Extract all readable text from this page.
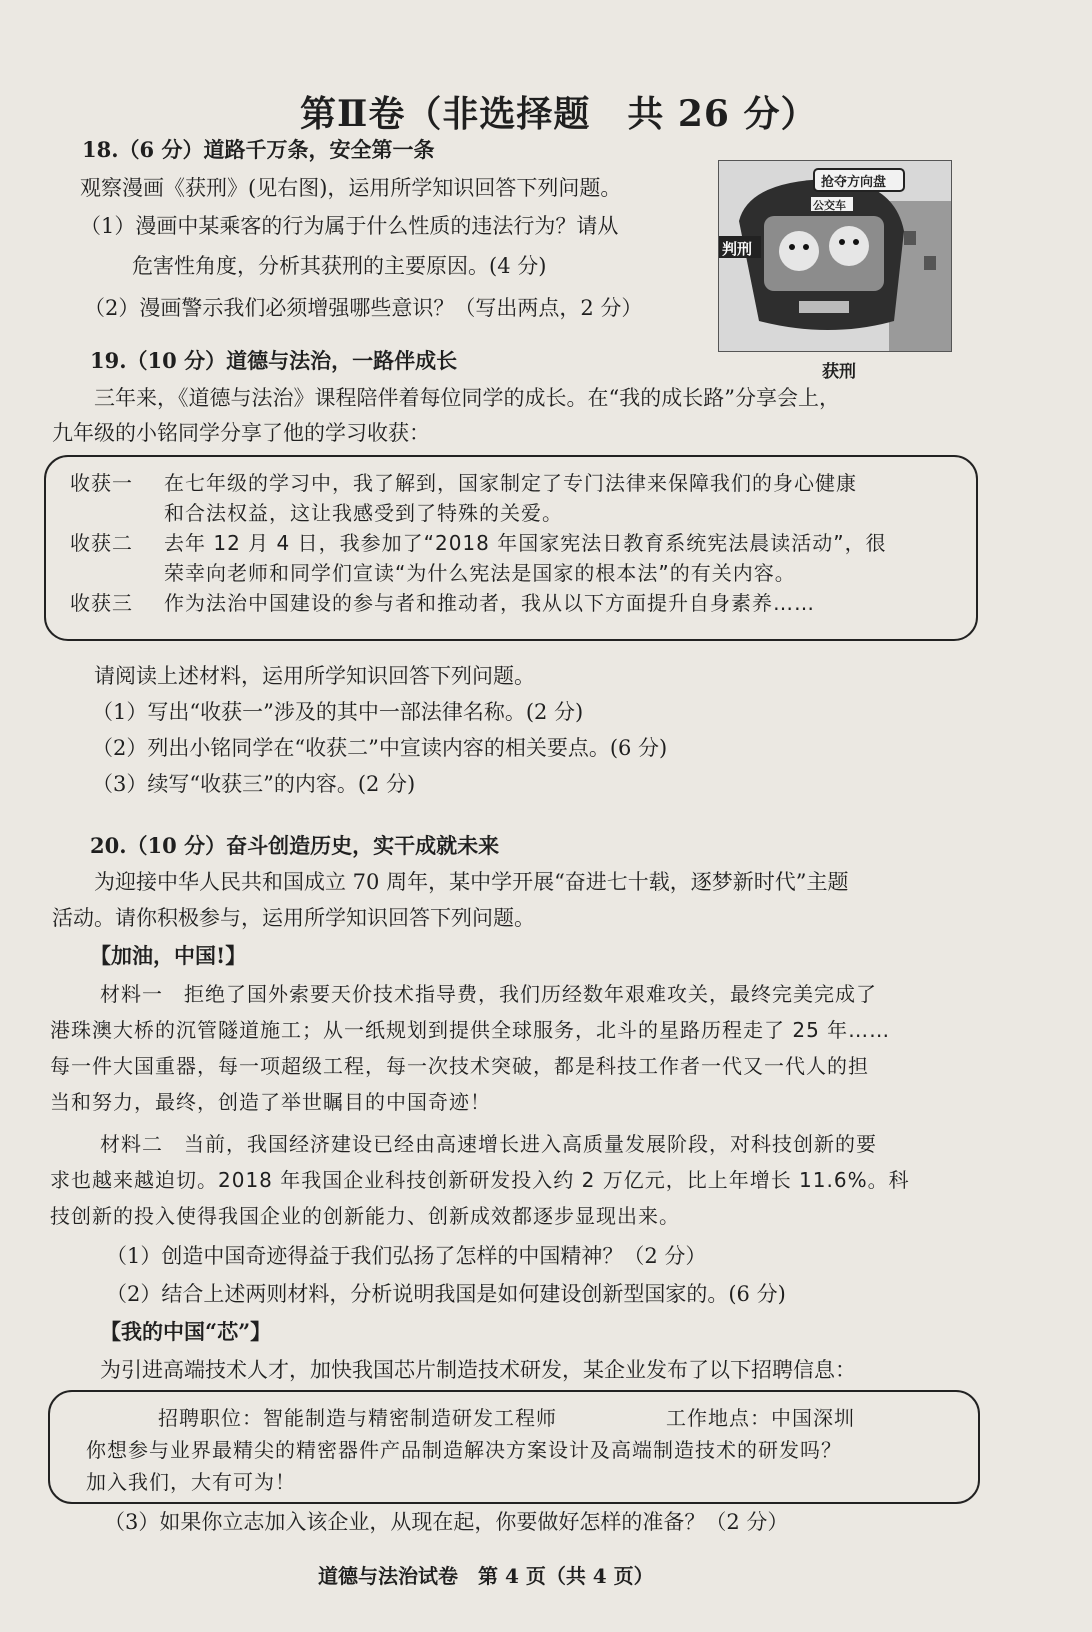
第Ⅱ卷（非选择题　共 26 分）
18.（6 分）道路千万条，安全第一条
观察漫画《获刑》(见右图)，运用所学知识回答下列问题。
（1）漫画中某乘客的行为属于什么性质的违法行为？请从
危害性角度，分析其获刑的主要原因。(4 分)
（2）漫画警示我们必须增强哪些意识？（写出两点，2 分）
抢夺方向盘
公交车
判刑
获刑
19.（10 分）道德与法治，一路伴成长
三年来，《道德与法治》课程陪伴着每位同学的成长。在“我的成长路”分享会上，
九年级的小铭同学分享了他的学习收获：
收获一 在七年级的学习中，我了解到，国家制定了专门法律来保障我们的身心健康
和合法权益，这让我感受到了特殊的关爱。
收获二 去年 12 月 4 日，我参加了“2018 年国家宪法日教育系统宪法晨读活动”，很
荣幸向老师和同学们宣读“为什么宪法是国家的根本法”的有关内容。
收获三 作为法治中国建设的参与者和推动者，我从以下方面提升自身素养……
请阅读上述材料，运用所学知识回答下列问题。
（1）写出“收获一”涉及的其中一部法律名称。(2 分)
（2）列出小铭同学在“收获二”中宣读内容的相关要点。(6 分)
（3）续写“收获三”的内容。(2 分)
20.（10 分）奋斗创造历史，实干成就未来
为迎接中华人民共和国成立 70 周年，某中学开展“奋进七十载，逐梦新时代”主题
活动。请你积极参与，运用所学知识回答下列问题。
【加油，中国!】
材料一　拒绝了国外索要天价技术指导费，我们历经数年艰难攻关，最终完美完成了
港珠澳大桥的沉管隧道施工；从一纸规划到提供全球服务，北斗的星路历程走了 25 年……
每一件大国重器，每一项超级工程，每一次技术突破，都是科技工作者一代又一代人的担
当和努力，最终，创造了举世瞩目的中国奇迹！
材料二　当前，我国经济建设已经由高速增长进入高质量发展阶段，对科技创新的要
求也越来越迫切。2018 年我国企业科技创新研发投入约 2 万亿元，比上年增长 11.6%。科
技创新的投入使得我国企业的创新能力、创新成效都逐步显现出来。
（1）创造中国奇迹得益于我们弘扬了怎样的中国精神？（2 分）
（2）结合上述两则材料，分析说明我国是如何建设创新型国家的。(6 分)
【我的中国“芯”】
为引进高端技术人才，加快我国芯片制造技术研发，某企业发布了以下招聘信息：
招聘职位：智能制造与精密制造研发工程师	工作地点：中国深圳
你想参与业界最精尖的精密器件产品制造解决方案设计及高端制造技术的研发吗？
加入我们，大有可为！
（3）如果你立志加入该企业，从现在起，你要做好怎样的准备？（2 分）
道德与法治试卷　第 4 页（共 4 页）
